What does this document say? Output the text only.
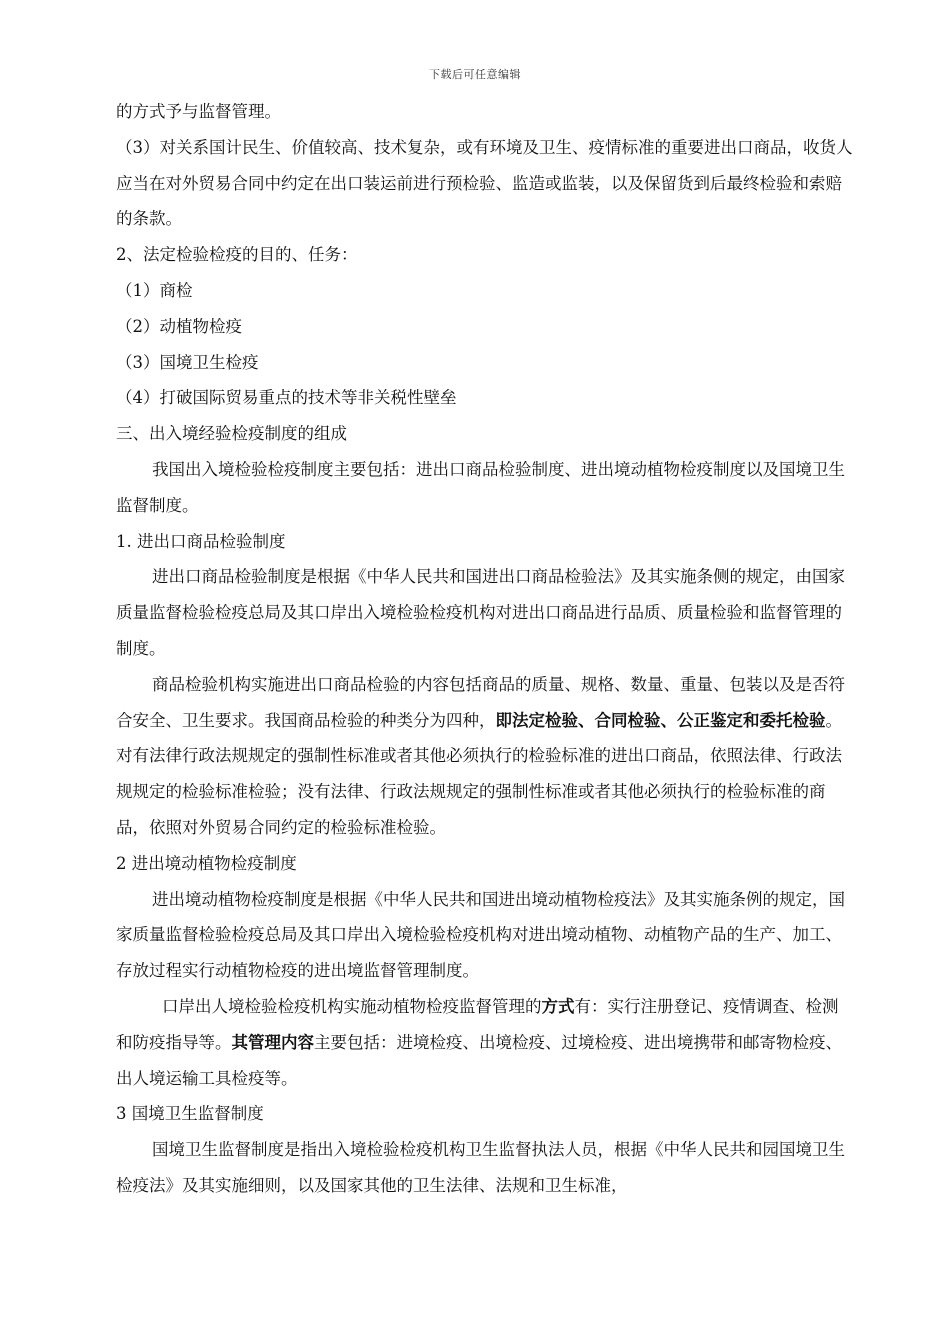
下载后可任意编辑

的方式予与监督管理。

（3）对关系国计民生、价值较高、技术复杂，或有环境及卫生、疫情标准的重要进出口商品，收货人应当在对外贸易合同中约定在出口装运前进行预检验、监造或监装，以及保留货到后最终检验和索赔的条款。

2、法定检验检疫的目的、任务：

（1）商检

（2）动植物检疫

（3）国境卫生检疫

（4）打破国际贸易重点的技术等非关税性壁垒

三、出入境经验检疫制度的组成

我国出入境检验检疫制度主要包括：进出口商品检验制度、进出境动植物检疫制度以及国境卫生监督制度。

1. 进出口商品检验制度

进出口商品检验制度是根据《中华人民共和国进出口商品检验法》及其实施条侧的规定，由国家质量监督检验检疫总局及其口岸出入境检验检疫机构对进出口商品进行品质、质量检验和监督管理的制度。

商品检验机构实施进出口商品检验的内容包括商品的质量、规格、数量、重量、包装以及是否符合安全、卫生要求。我国商品检验的种类分为四种，即法定检验、合同检验、公正鉴定和委托检验。对有法律行政法规规定的强制性标准或者其他必须执行的检验标准的进出口商品，依照法律、行政法规规定的检验标准检验；没有法律、行政法规规定的强制性标准或者其他必须执行的检验标准的商品，依照对外贸易合同约定的检验标准检验。

2 进出境动植物检疫制度

进出境动植物检疫制度是根据《中华人民共和国进出境动植物检疫法》及其实施条例的规定，国家质量监督检验检疫总局及其口岸出入境检验检疫机构对进出境动植物、动植物产品的生产、加工、存放过程实行动植物检疫的进出境监督管理制度。

口岸出人境检验检疫机构实施动植物检疫监督管理的方式有：实行注册登记、疫情调查、检测和防疫指导等。其管理内容主要包括：进境检疫、出境检疫、过境检疫、进出境携带和邮寄物检疫、出人境运输工具检疫等。

3 国境卫生监督制度

国境卫生监督制度是指出入境检验检疫机构卫生监督执法人员，根据《中华人民共和园国境卫生检疫法》及其实施细则，以及国家其他的卫生法律、法规和卫生标准，
